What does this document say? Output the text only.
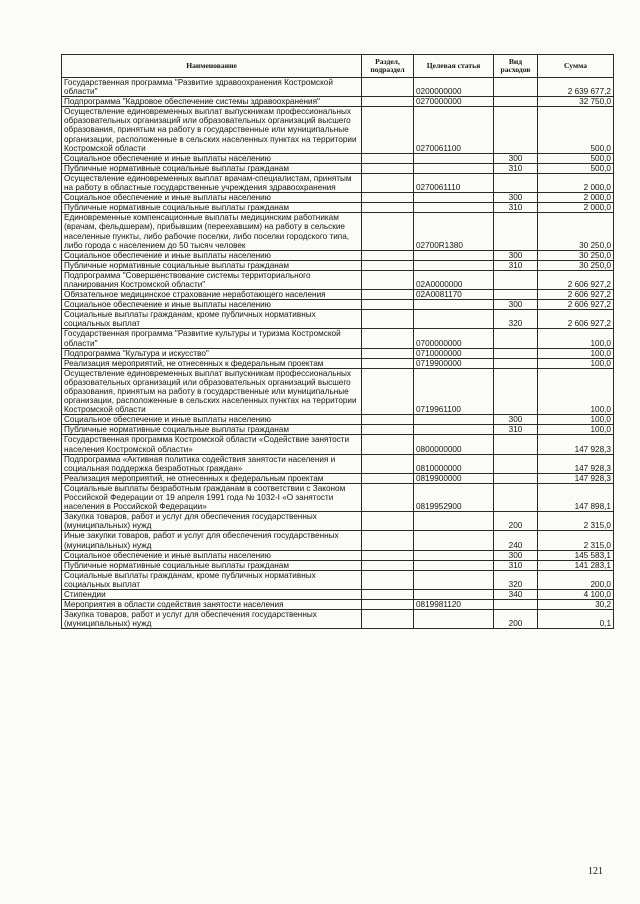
Наименование	Раздел, подраздел	Целевая статья	Вид расходов	Сумма
Государственная программа "Развитие здравоохранения Костромской области"		0200000000		2 639 677,2
Подпрограмма "Кадровое обеспечение системы здравоохранения"		0270000000		32 750,0
Осуществление единовременных выплат выпускникам профессиональных образовательных организаций или образовательных организаций высшего образования, принятым на работу в государственные или муниципальные организации, расположенные в сельских населенных пунктах на территории Костромской области		0270061100		500,0
Социальное обеспечение и иные выплаты населению			300	500,0
Публичные нормативные социальные выплаты гражданам			310	500,0
Осуществление единовременных выплат врачам-специалистам, принятым на работу в областные государственные учреждения здравоохранения		0270061110		2 000,0
Социальное обеспечение и иные выплаты населению			300	2 000,0
Публичные нормативные социальные выплаты гражданам			310	2 000,0
Единовременные компенсационные выплаты медицинским работникам (врачам, фельдшерам), прибывшим (переехавшим) на работу в сельские населенные пункты, либо рабочие поселки, либо поселки городского типа, либо города с населением до 50 тысяч человек		02700R1380		30 250,0
Социальное обеспечение и иные выплаты населению			300	30 250,0
Публичные нормативные социальные выплаты гражданам			310	30 250,0
Подпрограмма "Совершенствование системы территориального планирования Костромской области"		02А0000000		2 606 927,2
Обязательное медицинское страхование неработающего населения		02А0081170		2 606 927,2
Социальное обеспечение и иные выплаты населению			300	2 606 927,2
Социальные выплаты гражданам, кроме публичных нормативных социальных выплат			320	2 606 927,2
Государственная программа "Развитие культуры и туризма Костромской области"		0700000000		100,0
Подпрограмма "Культура и искусство"		0710000000		100,0
Реализация мероприятий, не отнесенных к федеральным проектам		0719900000		100,0
Осуществление единовременных выплат выпускникам профессиональных образовательных организаций или образовательных организаций высшего образования, принятым на работу в государственные или муниципальные организации, расположенные в сельских населенных пунктах на территории Костромской области		0719961100		100,0
Социальное обеспечение и иные выплаты населению			300	100,0
Публичные нормативные социальные выплаты гражданам			310	100,0
Государственная программа Костромской области «Содействие занятости населения Костромской области»		0800000000		147 928,3
Подпрограмма «Активная политика содействия занятости населения и социальная поддержка безработных граждан»		0810000000		147 928,3
Реализация мероприятий, не отнесенных к федеральным проектам		0819900000		147 928,3
Социальные выплаты безработным гражданам в соответствии с Законом Российской Федерации от 19 апреля 1991 года № 1032-I «О занятости населения в Российской Федерации»		0819952900		147 898,1
Закупка товаров, работ и услуг для обеспечения государственных (муниципальных) нужд			200	2 315,0
Иные закупки товаров, работ и услуг для обеспечения государственных (муниципальных) нужд			240	2 315,0
Социальное обеспечение и иные выплаты населению			300	145 583,1
Публичные нормативные социальные выплаты гражданам			310	141 283,1
Социальные выплаты гражданам, кроме публичных нормативных социальных выплат			320	200,0
Стипендии			340	4 100,0
Мероприятия в области содействия занятости населения		0819981120		30,2
Закупка товаров, работ и услуг для обеспечения государственных (муниципальных) нужд			200	0,1
121
